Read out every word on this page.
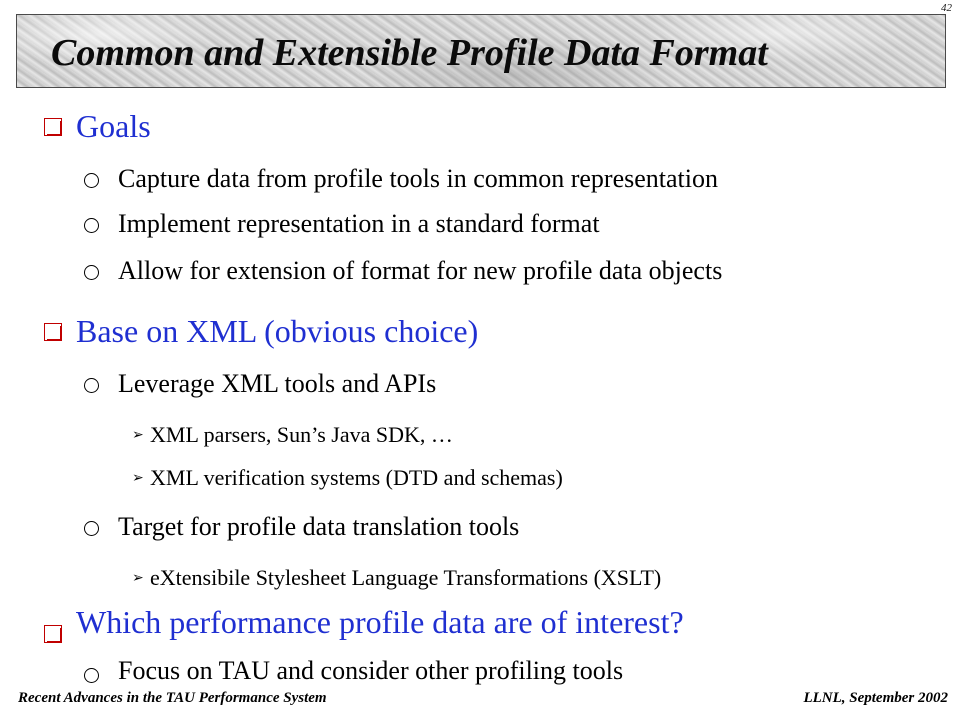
Common and Extensible Profile Data Format
42
Goals
Capture data from profile tools in common representation
Implement representation in a standard format
Allow for extension of format for new profile data objects
Base on XML (obvious choice)
Leverage XML tools and APIs
➢ XML parsers, Sun’s Java SDK, …
➢ XML verification systems (DTD and schemas)
Target for profile data translation tools
➢ eXtensibile Stylesheet Language Transformations (XSLT)
Which performance profile data are of interest?
Focus on TAU and consider other profiling tools
Recent Advances in the TAU Performance System	LLNL, September 2002
